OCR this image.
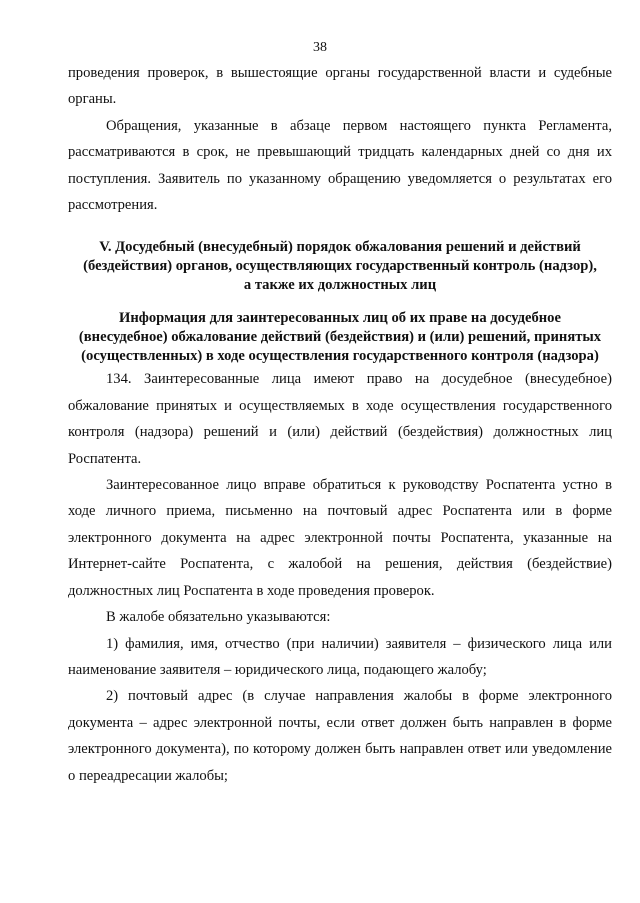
38

проведения проверок, в вышестоящие органы государственной власти и судебные органы.

Обращения, указанные в абзаце первом настоящего пункта Регламента, рассматриваются в срок, не превышающий тридцать календарных дней со дня их поступления. Заявитель по указанному обращению уведомляется о результатах его рассмотрения.

V. Досудебный (внесудебный) порядок обжалования решений и действий
(бездействия) органов, осуществляющих государственный контроль (надзор),
а также их должностных лиц
Информация для заинтересованных лиц об их праве на досудебное
(внесудебное) обжалование действий (бездействия) и (или) решений, принятых
(осуществленных) в ходе осуществления государственного контроля (надзора)

134. Заинтересованные лица имеют право на досудебное (внесудебное) обжалование принятых и осуществляемых в ходе осуществления государственного контроля (надзора) решений и (или) действий (бездействия) должностных лиц Роспатента.

Заинтересованное лицо вправе обратиться к руководству Роспатента устно в ходе личного приема, письменно на почтовый адрес Роспатента или в форме электронного документа на адрес электронной почты Роспатента, указанные на Интернет-сайте Роспатента, с жалобой на решения, действия (бездействие) должностных лиц Роспатента в ходе проведения проверок.

В жалобе обязательно указываются:

1) фамилия, имя, отчество (при наличии) заявителя – физического лица или наименование заявителя – юридического лица, подающего жалобу;

2) почтовый адрес (в случае направления жалобы в форме электронного документа – адрес электронной почты, если ответ должен быть направлен в форме электронного документа), по которому должен быть направлен ответ или уведомление о переадресации жалобы;
